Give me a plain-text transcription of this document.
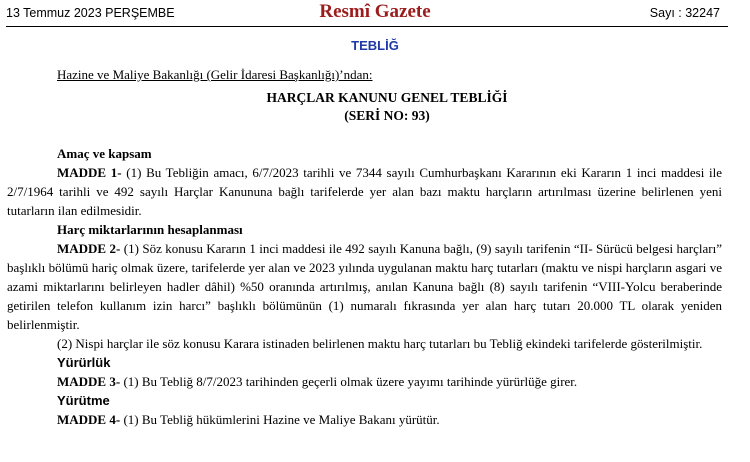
13 Temmuz 2023 PERŞEMBE	Resmî Gazete	Sayı : 32247
TEBLİĞ

Hazine ve Maliye Bakanlığı (Gelir İdaresi Başkanlığı)’ndan:

HARÇLAR KANUNU GENEL TEBLİĞİ

(SERİ NO: 93)

Amaç ve kapsam

MADDE 1- (1) Bu Tebliğin amacı, 6/7/2023 tarihli ve 7344 sayılı Cumhurbaşkanı Kararının eki Kararın 1 inci maddesi ile 2/7/1964 tarihli ve 492 sayılı Harçlar Kanununa bağlı tarifelerde yer alan bazı maktu harçların artırılması üzerine belirlenen yeni tutarların ilan edilmesidir.

Harç miktarlarının hesaplanması

MADDE 2- (1) Söz konusu Kararın 1 inci maddesi ile 492 sayılı Kanuna bağlı, (9) sayılı tarifenin “II- Sürücü belgesi harçları” başlıklı bölümü hariç olmak üzere, tarifelerde yer alan ve 2023 yılında uygulanan maktu harç tutarları (maktu ve nispi harçların asgari ve azami miktarlarını belirleyen hadler dâhil) %50 oranında artırılmış, anılan Kanuna bağlı (8) sayılı tarifenin “VIII-Yolcu beraberinde getirilen telefon kullanım izin harcı” başlıklı bölümünün (1) numaralı fıkrasında yer alan harç tutarı 20.000 TL olarak yeniden belirlenmiştir.

(2) Nispi harçlar ile söz konusu Karara istinaden belirlenen maktu harç tutarları bu Tebliğ ekindeki tarifelerde gösterilmiştir.

Yürürlük

MADDE 3- (1) Bu Tebliğ 8/7/2023 tarihinden geçerli olmak üzere yayımı tarihinde yürürlüğe girer.

Yürütme

MADDE 4- (1) Bu Tebliğ hükümlerini Hazine ve Maliye Bakanı yürütür.
